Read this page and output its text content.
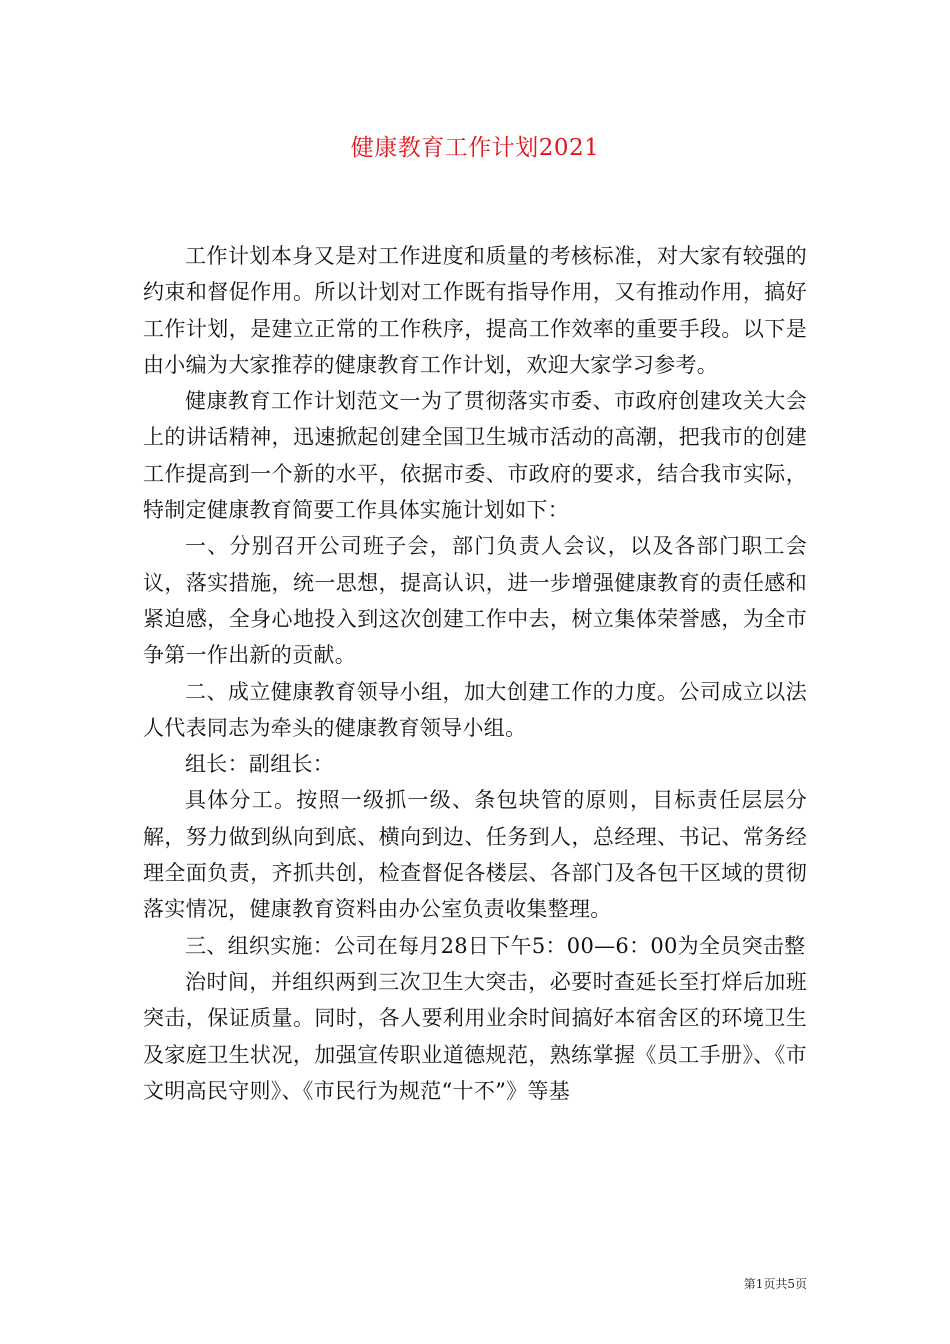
健康教育工作计划2021

工作计划本身又是对工作进度和质量的考核标准，对大家有较强的约束和督促作用。所以计划对工作既有指导作用，又有推动作用，搞好工作计划，是建立正常的工作秩序，提高工作效率的重要手段。以下是由小编为大家推荐的健康教育工作计划，欢迎大家学习参考。

健康教育工作计划范文一为了贯彻落实市委、市政府创建攻关大会上的讲话精神，迅速掀起创建全国卫生城市活动的高潮，把我市的创建工作提高到一个新的水平，依据市委、市政府的要求，结合我市实际，特制定健康教育简要工作具体实施计划如下：

一、分别召开公司班子会，部门负责人会议，以及各部门职工会议，落实措施，统一思想，提高认识，进一步增强健康教育的责任感和紧迫感，全身心地投入到这次创建工作中去，树立集体荣誉感，为全市争第一作出新的贡献。

二、成立健康教育领导小组，加大创建工作的力度。公司成立以法人代表同志为牵头的健康教育领导小组。

组长：副组长：

具体分工。按照一级抓一级、条包块管的原则，目标责任层层分解，努力做到纵向到底、横向到边、任务到人，总经理、书记、常务经理全面负责，齐抓共创，检查督促各楼层、各部门及各包干区域的贯彻落实情况，健康教育资料由办公室负责收集整理。

三、组织实施：公司在每月28日下午5：00—6：00为全员突击整

治时间，并组织两到三次卫生大突击，必要时查延长至打烊后加班突击，保证质量。同时，各人要利用业余时间搞好本宿舍区的环境卫生及家庭卫生状况，加强宣传职业道德规范，熟练掌握《员工手册》、《市文明高民守则》、《市民行为规范“十不”》等基

第1页共5页
